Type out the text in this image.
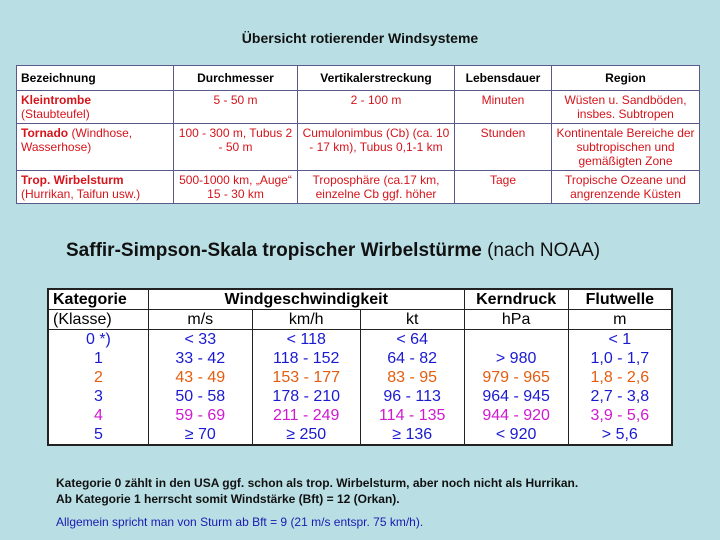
Übersicht rotierender Windsysteme
Bezeichnung	Durchmesser	Vertikalerstreckung	Lebensdauer	Region
Kleintrombe
(Staubteufel)	5 - 50 m	2 - 100 m	Minuten	Wüsten u. Sandböden, insbes. Subtropen
Tornado (Windhose, Wasserhose)	100 - 300 m, Tubus 2 - 50 m	Cumulonimbus (Cb) (ca. 10 - 17 km), Tubus 0,1-1 km	Stunden	Kontinentale Bereiche der subtropischen und gemäßigten Zone
Trop. Wirbelsturm
(Hurrikan, Taifun usw.)	500-1000 km, „Auge“ 15 - 30 km	Troposphäre (ca.17 km, einzelne Cb ggf. höher	Tage	Tropische Ozeane und angrenzende Küsten
Saffir-Simpson-Skala tropischer Wirbelstürme (nach NOAA)
Kategorie	Windgeschwindigkeit			Kerndruck	Flutwelle
(Klasse)	m/s	km/h	kt	hPa	m
0 *)	< 33	< 118	< 64		< 1
1	33 - 42	118 - 152	64 - 82	> 980	1,0 - 1,7
2	43 - 49	153 - 177	83 - 95	979 - 965	1,8 - 2,6
3	50 - 58	178 - 210	96 - 113	964 - 945	2,7 - 3,8
4	59 - 69	211 - 249	114 - 135	944 - 920	3,9 - 5,6
5	≥ 70	≥ 250	≥ 136	< 920	> 5,6
Kategorie 0 zählt in den USA ggf. schon als trop. Wirbelsturm, aber noch nicht als Hurrikan.
Ab Kategorie 1 herrscht somit Windstärke (Bft) = 12 (Orkan).
Allgemein spricht man von Sturm ab Bft = 9 (21 m/s entspr. 75 km/h).
